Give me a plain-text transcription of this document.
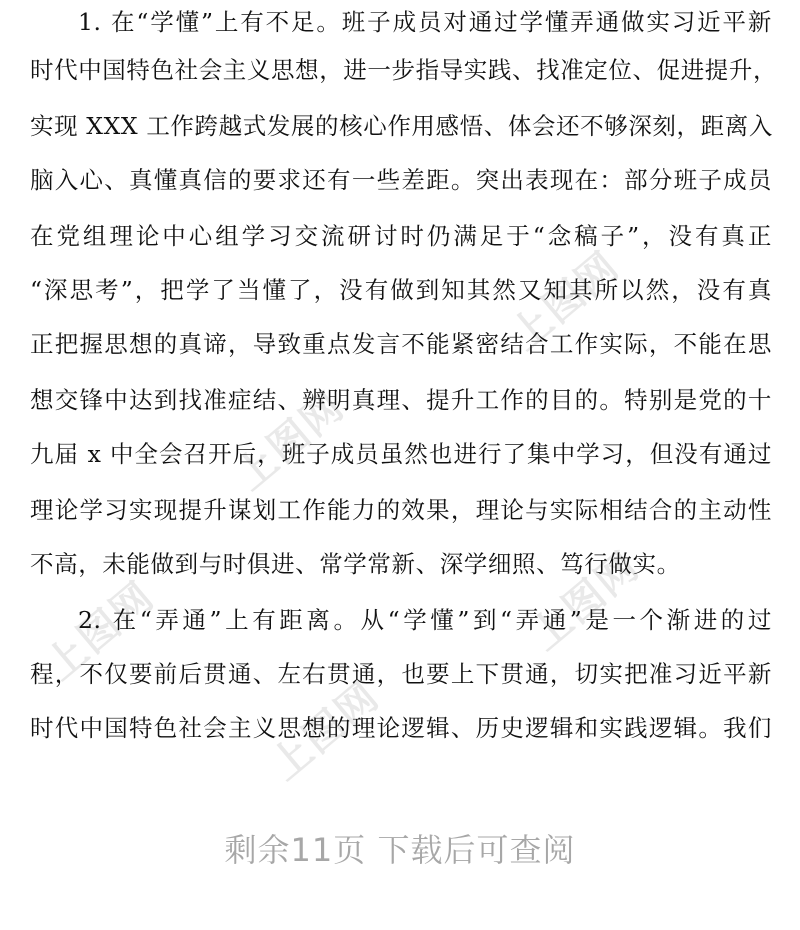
上图网
上图网
上图网
上图网
上图网
1. 在“学懂”上有不足。班子成员对通过学懂弄通做实习近平新
时代中国特色社会主义思想，进一步指导实践、找准定位、促进提升，
实现 XXX 工作跨越式发展的核心作用感悟、体会还不够深刻，距离入
脑入心、真懂真信的要求还有一些差距。突出表现在：部分班子成员
在党组理论中心组学习交流研讨时仍满足于“念稿子”，没有真正
“深思考”，把学了当懂了，没有做到知其然又知其所以然，没有真
正把握思想的真谛，导致重点发言不能紧密结合工作实际，不能在思
想交锋中达到找准症结、辨明真理、提升工作的目的。特别是党的十
九届 x 中全会召开后，班子成员虽然也进行了集中学习，但没有通过
理论学习实现提升谋划工作能力的效果，理论与实际相结合的主动性
不高，未能做到与时俱进、常学常新、深学细照、笃行做实。
2. 在“弄通”上有距离。从“学懂”到“弄通”是一个渐进的过
程，不仅要前后贯通、左右贯通，也要上下贯通，切实把准习近平新
时代中国特色社会主义思想的理论逻辑、历史逻辑和实践逻辑。我们
剩余11页 下载后可查阅
